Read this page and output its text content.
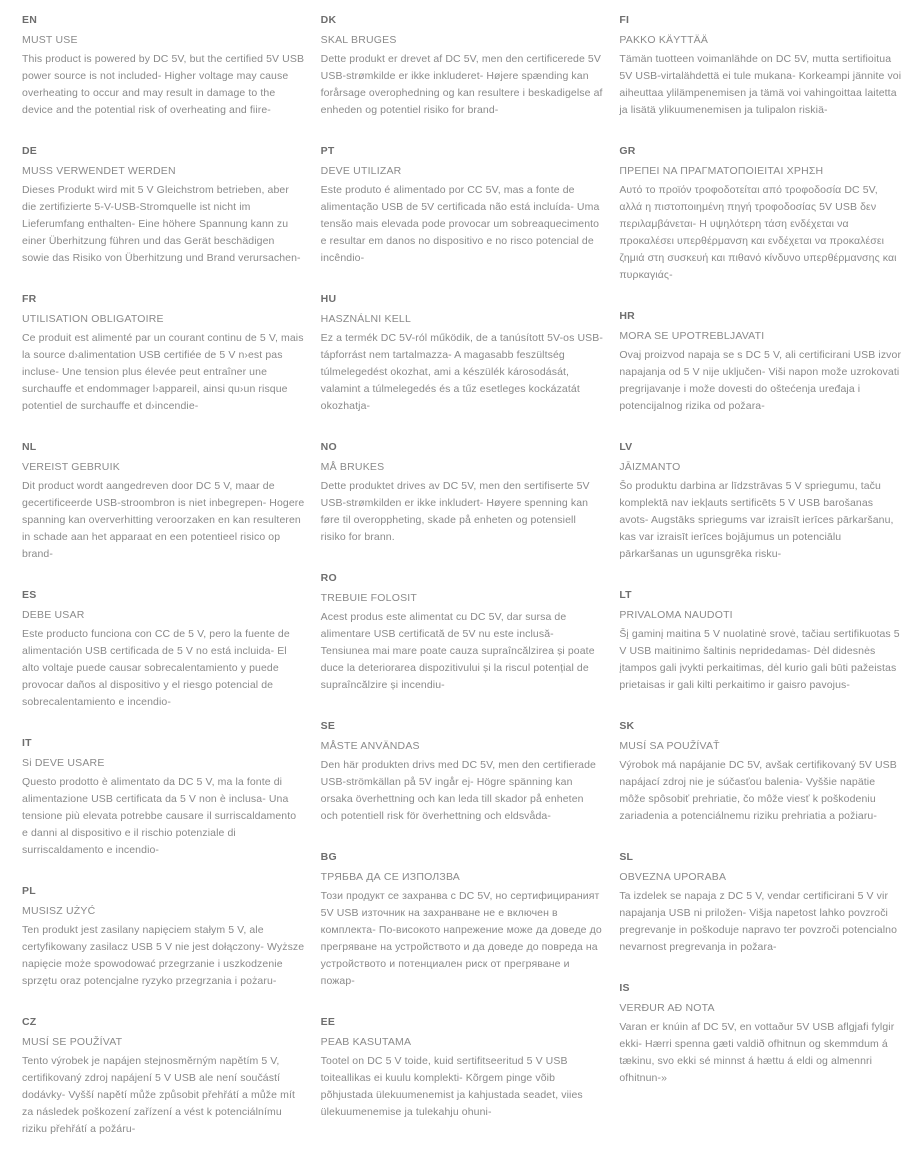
EN
MUST USE
This product is powered by DC 5V, but the certified 5V USB power source is not included- Higher voltage may cause overheating to occur and may result in damage to the device and the potential risk of overheating and fiire-
DE
MUSS VERWENDET WERDEN
Dieses Produkt wird mit 5 V Gleichstrom betrieben, aber die zertifizierte 5-V-USB-Stromquelle ist nicht im Lieferumfang enthalten- Eine höhere Spannung kann zu einer Überhitzung führen und das Gerät beschädigen sowie das Risiko von Überhitzung und Brand verursachen-
FR
UTILISATION OBLIGATOIRE
Ce produit est alimenté par un courant continu de 5 V, mais la source d›alimentation USB certifiée de 5 V n›est pas incluse- Une tension plus élevée peut entraîner une surchauffe et endommager l›appareil, ainsi qu›un risque potentiel de surchauffe et d›incendie-
NL
VEREIST GEBRUIK
Dit product wordt aangedreven door DC 5 V, maar de gecertificeerde USB-stroombron is niet inbegrepen- Hogere spanning kan oververhitting veroorzaken en kan resulteren in schade aan het apparaat en een potentieel risico op brand-
ES
DEBE USAR
Este producto funciona con CC de 5 V, pero la fuente de alimentación USB certificada de 5 V no está incluida- El alto voltaje puede causar sobrecalentamiento y puede provocar daños al dispositivo y el riesgo potencial de sobrecalentamiento e incendio-
IT
Si DEVE USARE
Questo prodotto è alimentato da DC 5 V, ma la fonte di alimentazione USB certificata da 5 V non è inclusa- Una tensione più elevata potrebbe causare il surriscaldamento e danni al dispositivo e il rischio potenziale di surriscaldamento e incendio-
PL
MUSISZ UŻYĆ
Ten produkt jest zasilany napięciem stałym 5 V, ale certyfikowany zasilacz USB 5 V nie jest dołączony- Wyższe napięcie może spowodować przegrzanie i uszkodzenie sprzętu oraz potencjalne ryzyko przegrzania i pożaru-
CZ
MUSÍ SE POUŽÍVAT
Tento výrobek je napájen stejnosměrným napětím 5 V, certifikovaný zdroj napájení 5 V USB ale není součástí dodávky- Vyšší napětí může způsobit přehřátí a může mít za následek poškození zařízení a vést k potenciálnímu riziku přehřátí a požáru-
DK
SKAL BRUGES
Dette produkt er drevet af DC 5V, men den certificerede 5V USB-strømkilde er ikke inkluderet- Højere spænding kan forårsage overophedning og kan resultere i beskadigelse af enheden og potentiel risiko for brand-
PT
DEVE UTILIZAR
Este produto é alimentado por CC 5V, mas a fonte de alimentação USB de 5V certificada não está incluída- Uma tensão mais elevada pode provocar um sobreaquecimento e resultar em danos no dispositivo e no risco potencial de incêndio-
HU
HASZNÁLNI KELL
Ez a termék DC 5V-ról működik, de a tanúsított 5V-os USB-tápforrást nem tartalmazza- A magasabb feszültség túlmelegedést okozhat, ami a készülék károsodását, valamint a túlmelegedés és a tűz esetleges kockázatát okozhatja-
NO
MÅ BRUKES
Dette produktet drives av DC 5V, men den sertifiserte 5V USB-strømkilden er ikke inkludert- Høyere spenning kan føre til overoppheting, skade på enheten og potensiell risiko for brann.
RO
TREBUIE FOLOSIT
Acest produs este alimentat cu DC 5V, dar sursa de alimentare USB certificată de 5V nu este inclusă- Tensiunea mai mare poate cauza supraîncălzirea și poate duce la deteriorarea dispozitivului și la riscul potențial de supraîncălzire și incendiu-
SE
MÅSTE ANVÄNDAS
Den här produkten drivs med DC 5V, men den certifierade USB-strömkällan på 5V ingår ej- Högre spänning kan orsaka överhettning och kan leda till skador på enheten och potentiell risk för överhettning och eldsvåda-
BG
ТРЯБВА ДА СЕ ИЗПОЛЗВА
Този продукт се захранва с DC 5V, но сертифицираният 5V USB източник на захранване не е включен в комплекта- По-високото напрежение може да доведе до прегряване на устройството и да доведе до повреда на устройството и потенциален риск от прегряване и пожар-
EE
PEAB KASUTAMA
Tootel on DC 5 V toide, kuid sertifitseeritud 5 V USB toiteallikas ei kuulu komplekti- Kõrgem pinge võib põhjustada ülekuumenemist ja kahjustada seadet, viies ülekuumenemise ja tulekahju ohuni-
FI
PAKKO KÄYTTÄÄ
Tämän tuotteen voimanlähde on DC 5V, mutta sertifioitua 5V USB-virtalähdettä ei tule mukana- Korkeampi jännite voi aiheuttaa ylilämpenemisen ja tämä voi vahingoittaa laitetta ja lisätä ylikuumenemisen ja tulipalon riskiä-
GR
ΠΡΕΠΕΙ ΝΑ ΠΡΑΓΜΑΤΟΠΟΙΕΙΤΑΙ ΧΡΗΣΗ
Αυτό το προϊόν τροφοδοτείται από τροφοδοσία DC 5V, αλλά η πιστοποιημένη πηγή τροφοδοσίας 5V USB δεν περιλαμβάνεται- Η υψηλότερη τάση ενδέχεται να προκαλέσει υπερθέρμανση και ενδέχεται να προκαλέσει ζημιά στη συσκευή και πιθανό κίνδυνο υπερθέρμανσης και πυρκαγιάς-
HR
MORA SE UPOTREBLJAVATI
Ovaj proizvod napaja se s DC 5 V, ali certificirani USB izvor napajanja od 5 V nije uključen- Viši napon može uzrokovati pregrijavanje i može dovesti do oštećenja uređaja i potencijalnog rizika od požara-
LV
JĀIZMANTO
Šo produktu darbina ar līdzstrāvas 5 V spriegumu, taču komplektā nav iekļauts sertificēts 5 V USB barošanas avots- Augstāks spriegums var izraisīt ierīces pārkaršanu, kas var izraisīt ierīces bojājumus un potenciālu pārkaršanas un ugunsgrēka risku-
LT
PRIVALOMA NAUDOTI
Šį gaminį maitina 5 V nuolatinė srovė, tačiau sertifikuotas 5 V USB maitinimo šaltinis nepridedamas- Dėl didesnės įtampos gali įvykti perkaitimas, dėl kurio gali būti pažeistas prietaisas ir gali kilti perkaitimo ir gaisro pavojus-
SK
MUSÍ SA POUŽÍVAŤ
Výrobok má napájanie DC 5V, avšak certifikovaný 5V USB napájací zdroj nie je súčasťou balenia- Vyššie napätie môže spôsobiť prehriatie, čo môže viesť k poškodeniu zariadenia a potenciálnemu riziku prehriatia a požiaru-
SL
OBVEZNA UPORABA
Ta izdelek se napaja z DC 5 V, vendar certificirani 5 V vir napajanja USB ni priložen- Višja napetost lahko povzroči pregrevanje in poškoduje napravo ter povzroči potencialno nevarnost pregrevanja in požara-
IS
VERÐUR AÐ NOTA
Varan er knúin af DC 5V, en vottaður 5V USB aflgjafi fylgir ekki- Hærri spenna gæti valdið ofhitnun og skemmdum á tækinu, svo ekki sé minnst á hættu á eldi og almennri ofhitnun-»
